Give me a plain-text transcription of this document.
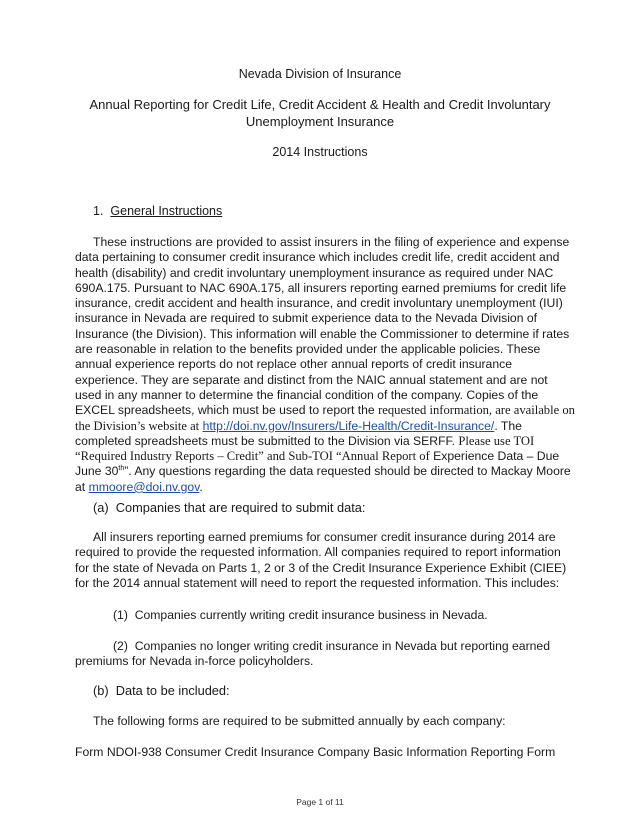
Nevada Division of Insurance
Annual Reporting for Credit Life, Credit Accident & Health and Credit Involuntary
Unemployment Insurance
2014 Instructions
1. General Instructions
These instructions are provided to assist insurers in the filing of experience and expense data pertaining to consumer credit insurance which includes credit life, credit accident and health (disability) and credit involuntary unemployment insurance as required under NAC 690A.175. Pursuant to NAC 690A.175, all insurers reporting earned premiums for credit life insurance, credit accident and health insurance, and credit involuntary unemployment (IUI) insurance in Nevada are required to submit experience data to the Nevada Division of Insurance (the Division). This information will enable the Commissioner to determine if rates are reasonable in relation to the benefits provided under the applicable policies. These annual experience reports do not replace other annual reports of credit insurance experience. They are separate and distinct from the NAIC annual statement and are not used in any manner to determine the financial condition of the company. Copies of the EXCEL spreadsheets, which must be used to report the requested information, are available on the Division’s website at http://doi.nv.gov/Insurers/Life-Health/Credit-Insurance/. The completed spreadsheets must be submitted to the Division via SERFF. Please use TOI “Required Industry Reports – Credit” and Sub-TOI “Annual Report of Experience Data – Due June 30th”. Any questions regarding the data requested should be directed to Mackay Moore at mmoore@doi.nv.gov.
(a) Companies that are required to submit data:
All insurers reporting earned premiums for consumer credit insurance during 2014 are required to provide the requested information. All companies required to report information for the state of Nevada on Parts 1, 2 or 3 of the Credit Insurance Experience Exhibit (CIEE) for the 2014 annual statement will need to report the requested information. This includes:
(1) Companies currently writing credit insurance business in Nevada.
(2) Companies no longer writing credit insurance in Nevada but reporting earned premiums for Nevada in-force policyholders.
(b) Data to be included:
The following forms are required to be submitted annually by each company:
Form NDOI-938 Consumer Credit Insurance Company Basic Information Reporting Form
Page 1 of 11
